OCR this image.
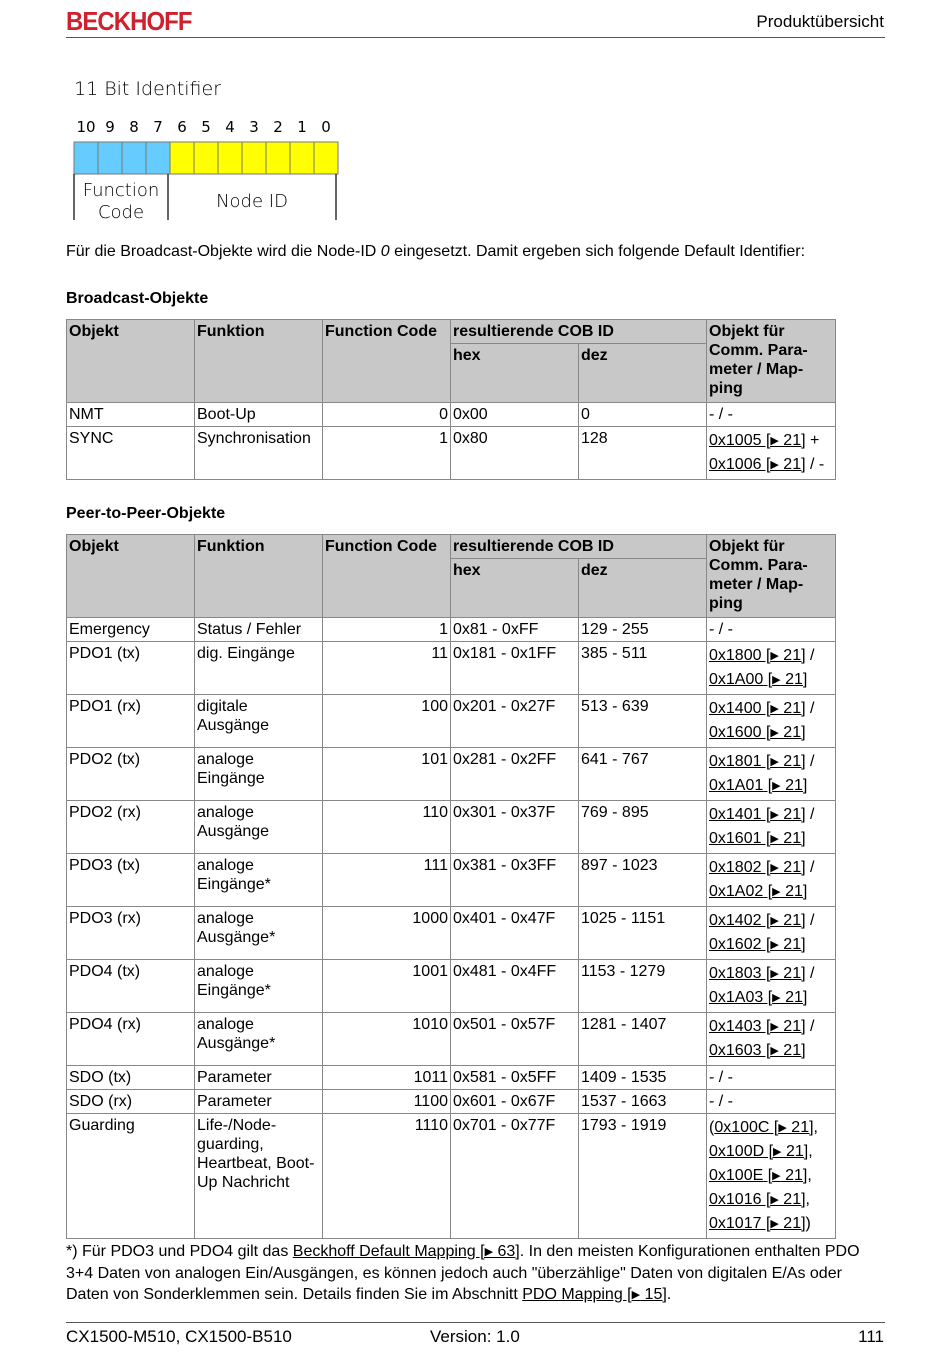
BECKHOFF	Produktübersicht
11 Bit Identifier
10 9 8 7 6 5 4 3 2 1 0
Function
Code
Node ID
Für die Broadcast-Objekte wird die Node-ID 0 eingesetzt. Damit ergeben sich folgende Default Identifier:
Broadcast-Objekte
Objekt	Funktion	Function Code	resultierende COB ID		Objekt für Comm. Para-meter / Map-ping
			hex	dez	
NMT	Boot-Up	0	0x00	0	- / -
SYNC	Synchronisation	1	0x80	128	0x1005 [▶ 21] +
0x1006 [▶ 21] / -
Peer-to-Peer-Objekte
Objekt	Funktion	Function Code	resultierende COB ID		Objekt für Comm. Para-meter / Map-ping
			hex	dez	
Emergency	Status / Fehler	1	0x81 - 0xFF	129 - 255	- / -
PDO1 (tx)	dig. Eingänge	11	0x181 - 0x1FF	385 - 511	0x1800 [▶ 21] /
0x1A00 [▶ 21]
PDO1 (rx)	digitale Ausgänge	100	0x201 - 0x27F	513 - 639	0x1400 [▶ 21] /
0x1600 [▶ 21]
PDO2 (tx)	analoge Eingänge	101	0x281 - 0x2FF	641 - 767	0x1801 [▶ 21] /
0x1A01 [▶ 21]
PDO2 (rx)	analoge Ausgänge	110	0x301 - 0x37F	769 - 895	0x1401 [▶ 21] /
0x1601 [▶ 21]
PDO3 (tx)	analoge Eingänge*	111	0x381 - 0x3FF	897 - 1023	0x1802 [▶ 21] /
0x1A02 [▶ 21]
PDO3 (rx)	analoge Ausgänge*	1000	0x401 - 0x47F	1025 - 1151	0x1402 [▶ 21] /
0x1602 [▶ 21]
PDO4 (tx)	analoge Eingänge*	1001	0x481 - 0x4FF	1153 - 1279	0x1803 [▶ 21] /
0x1A03 [▶ 21]
PDO4 (rx)	analoge Ausgänge*	1010	0x501 - 0x57F	1281 - 1407	0x1403 [▶ 21] /
0x1603 [▶ 21]
SDO (tx)	Parameter	1011	0x581 - 0x5FF	1409 - 1535	- / -
SDO (rx)	Parameter	1100	0x601 - 0x67F	1537 - 1663	- / -
Guarding	Life-/Node-guarding, Heartbeat, Boot-Up Nachricht	1110	0x701 - 0x77F	1793 - 1919	(0x100C [▶ 21],
0x100D [▶ 21],
0x100E [▶ 21],
0x1016 [▶ 21],
0x1017 [▶ 21])
*) Für PDO3 und PDO4 gilt das Beckhoff Default Mapping [▶ 63]. In den meisten Konfigurationen enthalten PDO 3+4 Daten von analogen Ein/Ausgängen, es können jedoch auch "überzählige" Daten von digitalen E/As oder Daten von Sonderklemmen sein. Details finden Sie im Abschnitt PDO Mapping [▶ 15].
CX1500-M510, CX1500-B510	Version: 1.0	111
